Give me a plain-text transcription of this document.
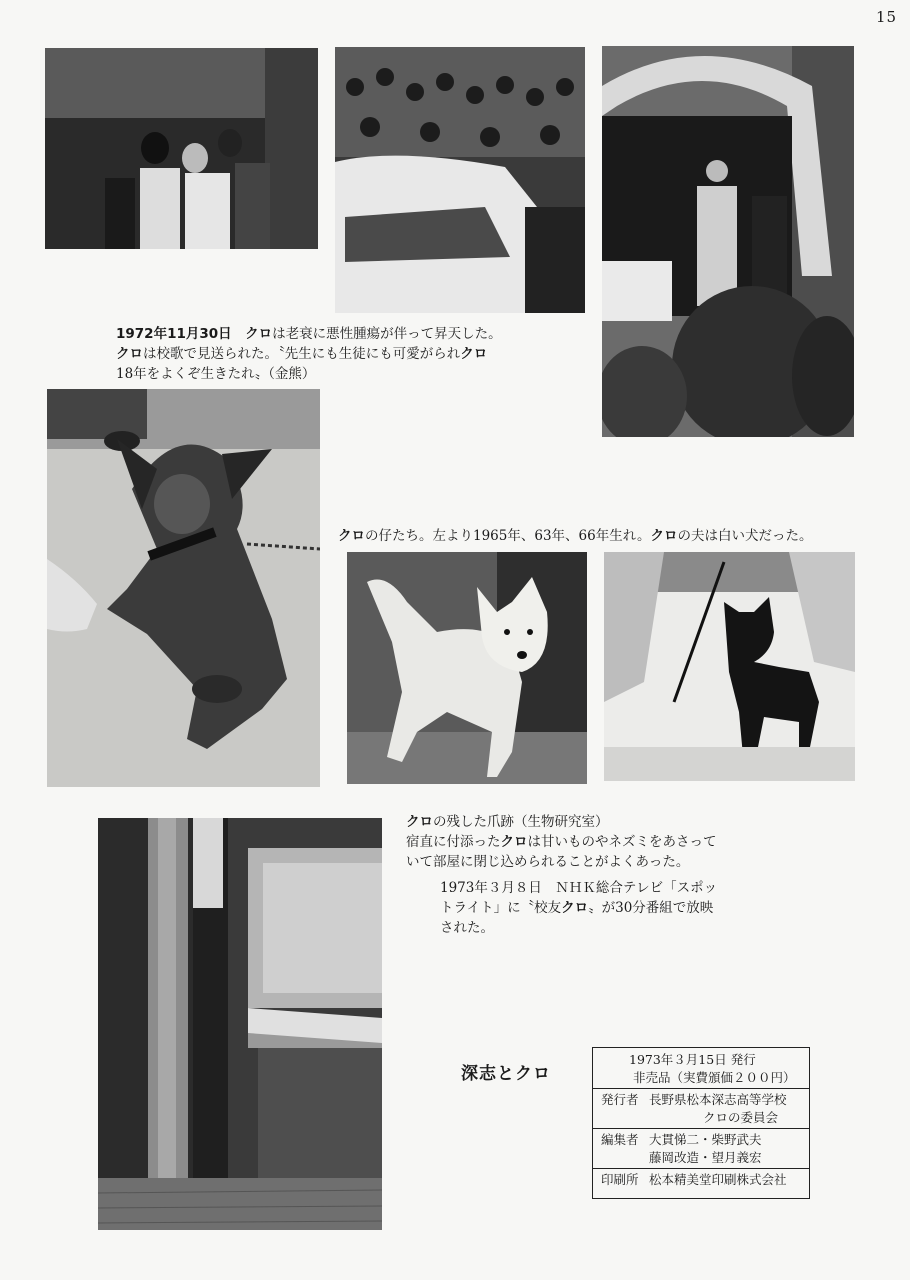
15

1972年11月30日　 クロは老衰に悪性腫瘍が伴って昇天した。

クロは校歌で見送られた。〝先生にも生徒にも可愛がられクロ

18年をよくぞ生きたれ〟（金熊）

クロの仔たち。左より1965年、63年、66年生れ。クロの夫は白い犬だった。

クロの残した爪跡（生物研究室）

宿直に付添ったクロは甘いものやネズミをあさって

いて部屋に閉じ込められることがよくあった。

1973年３月８日　ＮＨＫ総合テレビ「スポッ

トライト」に〝校友クロ〟が30分番組で放映

された。

深志とクロ
1973年３月15日 発行
非売品（実費頒価２００円）
発行者 長野県松本深志高等学校
クロの委員会
編集者 大貫悌二・柴野武夫
藤岡改造・望月義宏
印刷所 松本精美堂印刷株式会社
